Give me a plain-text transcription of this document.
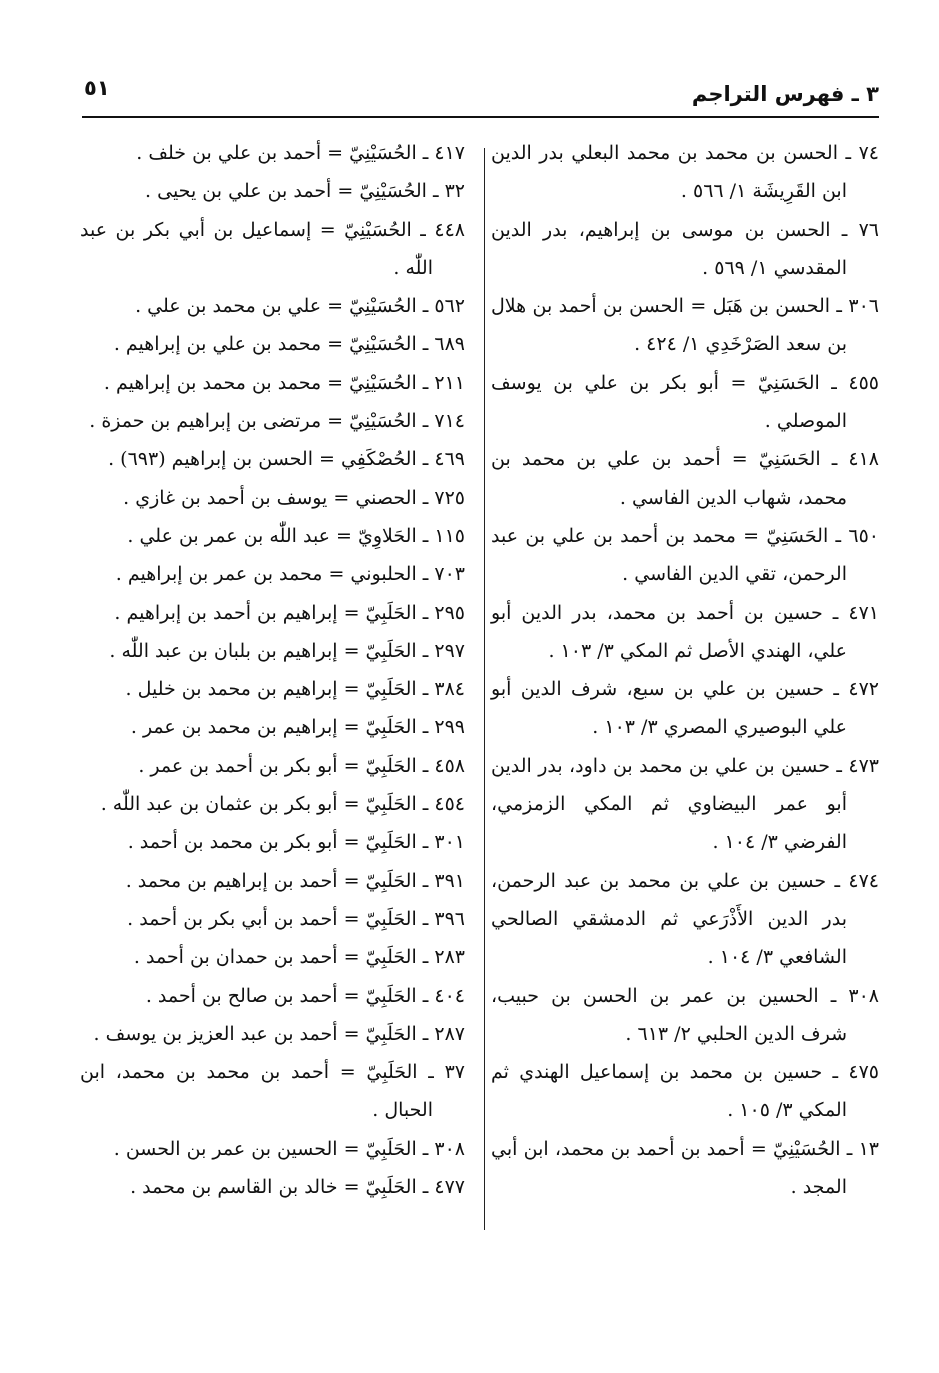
٣ ـ فهرس التراجم
٥١

٧٤ ـ الحسن بن محمد بن محمد البعلي بدر الدين ابن القَرِيشَة ١/ ٥٦٦ .

٧٦ ـ الحسن بن موسى بن إبراهيم، بدر الدين المقدسي ١/ ٥٦٩ .

٣٠٦ ـ الحسن بن هَبَل = الحسن بن أحمد بن هلال بن سعد الصَرْخَدِي ١/ ٤٢٤ .

٤٥٥ ـ الحَسَنِيّ = أبو بكر بن علي بن يوسف الموصلي .

٤١٨ ـ الحَسَنِيّ = أحمد بن علي بن محمد بن محمد، شهاب الدين الفاسي .

٦٥٠ ـ الحَسَنِيّ = محمد بن أحمد بن علي بن عبد الرحمن، تقي الدين الفاسي .

٤٧١ ـ حسين بن أحمد بن محمد، بدر الدين أبو علي، الهندي الأصل ثم المكي ٣/ ١٠٣ .

٤٧٢ ـ حسين بن علي بن سبع، شرف الدين أبو علي البوصيري المصري ٣/ ١٠٣ .

٤٧٣ ـ حسين بن علي بن محمد بن داود، بدر الدين أبو عمر البيضاوي ثم المكي الزمزمي، الفرضي ٣/ ١٠٤ .

٤٧٤ ـ حسين بن علي بن محمد بن عبد الرحمن، بدر الدين الأَذْرَعي ثم الدمشقي الصالحي الشافعي ٣/ ١٠٤ .

٣٠٨ ـ الحسين بن عمر بن الحسن بن حبيب، شرف الدين الحلبي ٢/ ٦١٣ .

٤٧٥ ـ حسين بن محمد بن إسماعيل الهندي ثم المكي ٣/ ١٠٥ .

١٣ ـ الحُسَيْنِيّ = أحمد بن أحمد بن محمد، ابن أبي المجد .

٤١٧ ـ الحُسَيْنِيّ = أحمد بن علي بن خلف .

٣٢ ـ الحُسَيْنِيّ = أحمد بن علي بن يحيى .

٤٤٨ ـ الحُسَيْنِيّ = إسماعيل بن أبي بكر بن عبد اللّٰه .

٥٦٢ ـ الحُسَيْنِيّ = علي بن محمد بن علي .

٦٨٩ ـ الحُسَيْنِيّ = محمد بن علي بن إبراهيم .

٢١١ ـ الحُسَيْنِيّ = محمد بن محمد بن إبراهيم .

٧١٤ ـ الحُسَيْنِيّ = مرتضى بن إبراهيم بن حمزة .

٤٦٩ ـ الحُصْكَفِي = الحسن بن إبراهيم (٦٩٣) .

٧٢٥ ـ الحصني = يوسف بن أحمد بن غازي .

١١٥ ـ الحَلاوِيّ = عبد اللّٰه بن عمر بن علي .

٧٠٣ ـ الحلبوني = محمد بن عمر بن إبراهيم .

٢٩٥ ـ الحَلَبِيّ = إبراهيم بن أحمد بن إبراهيم .

٢٩٧ ـ الحَلَبِيّ = إبراهيم بن بلبان بن عبد اللّٰه .

٣٨٤ ـ الحَلَبِيّ = إبراهيم بن محمد بن خليل .

٢٩٩ ـ الحَلَبِيّ = إبراهيم بن محمد بن عمر .

٤٥٨ ـ الحَلَبِيّ = أبو بكر بن أحمد بن عمر .

٤٥٤ ـ الحَلَبِيّ = أبو بكر بن عثمان بن عبد اللّٰه .

٣٠١ ـ الحَلَبِيّ = أبو بكر بن محمد بن أحمد .

٣٩١ ـ الحَلَبِيّ = أحمد بن إبراهيم بن محمد .

٣٩٦ ـ الحَلَبِيّ = أحمد بن أبي بكر بن أحمد .

٢٨٣ ـ الحَلَبِيّ = أحمد بن حمدان بن أحمد .

٤٠٤ ـ الحَلَبِيّ = أحمد بن صالح بن أحمد .

٢٨٧ ـ الحَلَبِيّ = أحمد بن عبد العزيز بن يوسف .

٣٧ ـ الحَلَبِيّ = أحمد بن محمد بن محمد، ابن الحبال .

٣٠٨ ـ الحَلَبِيّ = الحسين بن عمر بن الحسن .

٤٧٧ ـ الحَلَبِيّ = خالد بن القاسم بن محمد .
